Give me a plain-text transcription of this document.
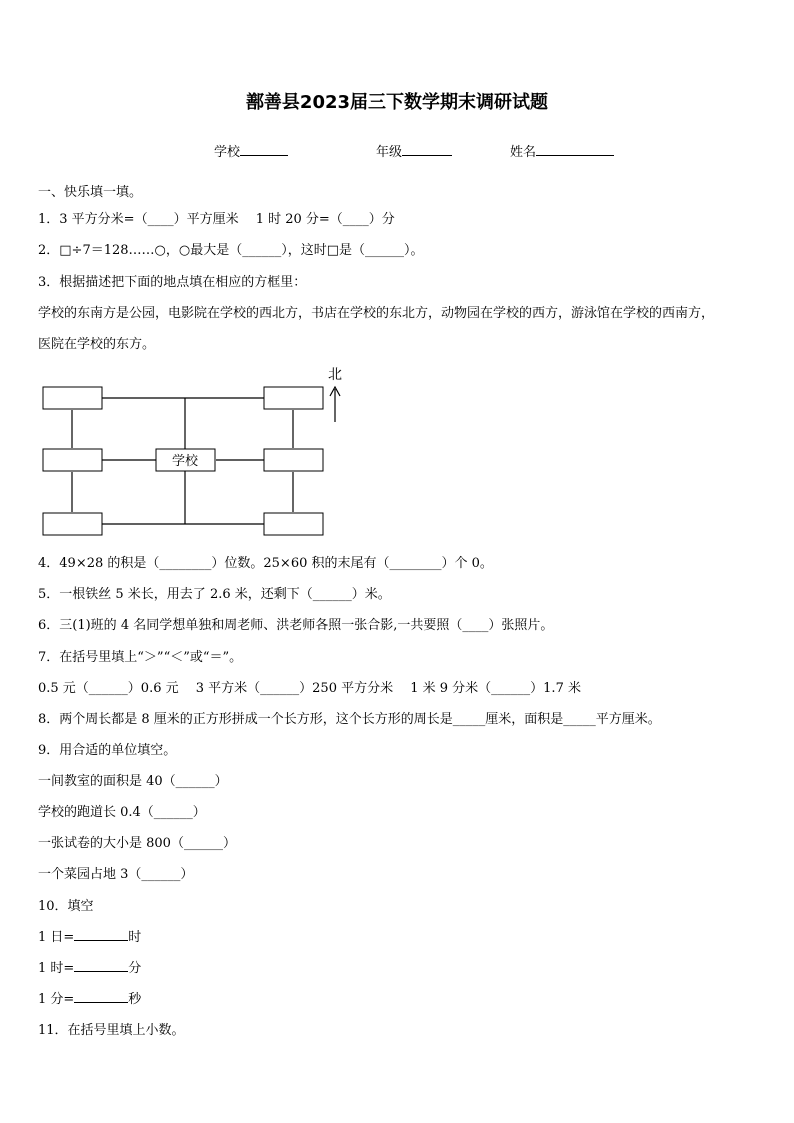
鄯善县2023届三下数学期末调研试题
学校	年级	姓名
一、快乐填一填。
1．3 平方分米=（____）平方厘米　 1 时 20 分=（____）分
2．□÷7＝128……○，○最大是（______），这时□是（______）。
3．根据描述把下面的地点填在相应的方框里：
学校的东南方是公园，电影院在学校的西北方，书店在学校的东北方，动物园在学校的西方，游泳馆在学校的西南方，
医院在学校的东方。
学校
北
4．49×28 的积是（________）位数。25×60 积的末尾有（________）个 0。
5．一根铁丝 5 米长，用去了 2.6 米，还剩下（______）米。
6．三(1)班的 4 名同学想单独和周老师、洪老师各照一张合影,一共要照（____）张照片。
7．在括号里填上“＞”“＜”或“＝”。
0.5 元（______）0.6 元　 3 平方米（______）250 平方分米　 1 米 9 分米（______）1.7 米
8．两个周长都是 8 厘米的正方形拼成一个长方形，这个长方形的周长是_____厘米，面积是_____平方厘米。
9．用合适的单位填空。
一间教室的面积是 40（______）
学校的跑道长 0.4（______）
一张试卷的大小是 800（______）
一个菜园占地 3（______）
10．填空
1 日=	时
1 时=	分
1 分=	秒
11．在括号里填上小数。
